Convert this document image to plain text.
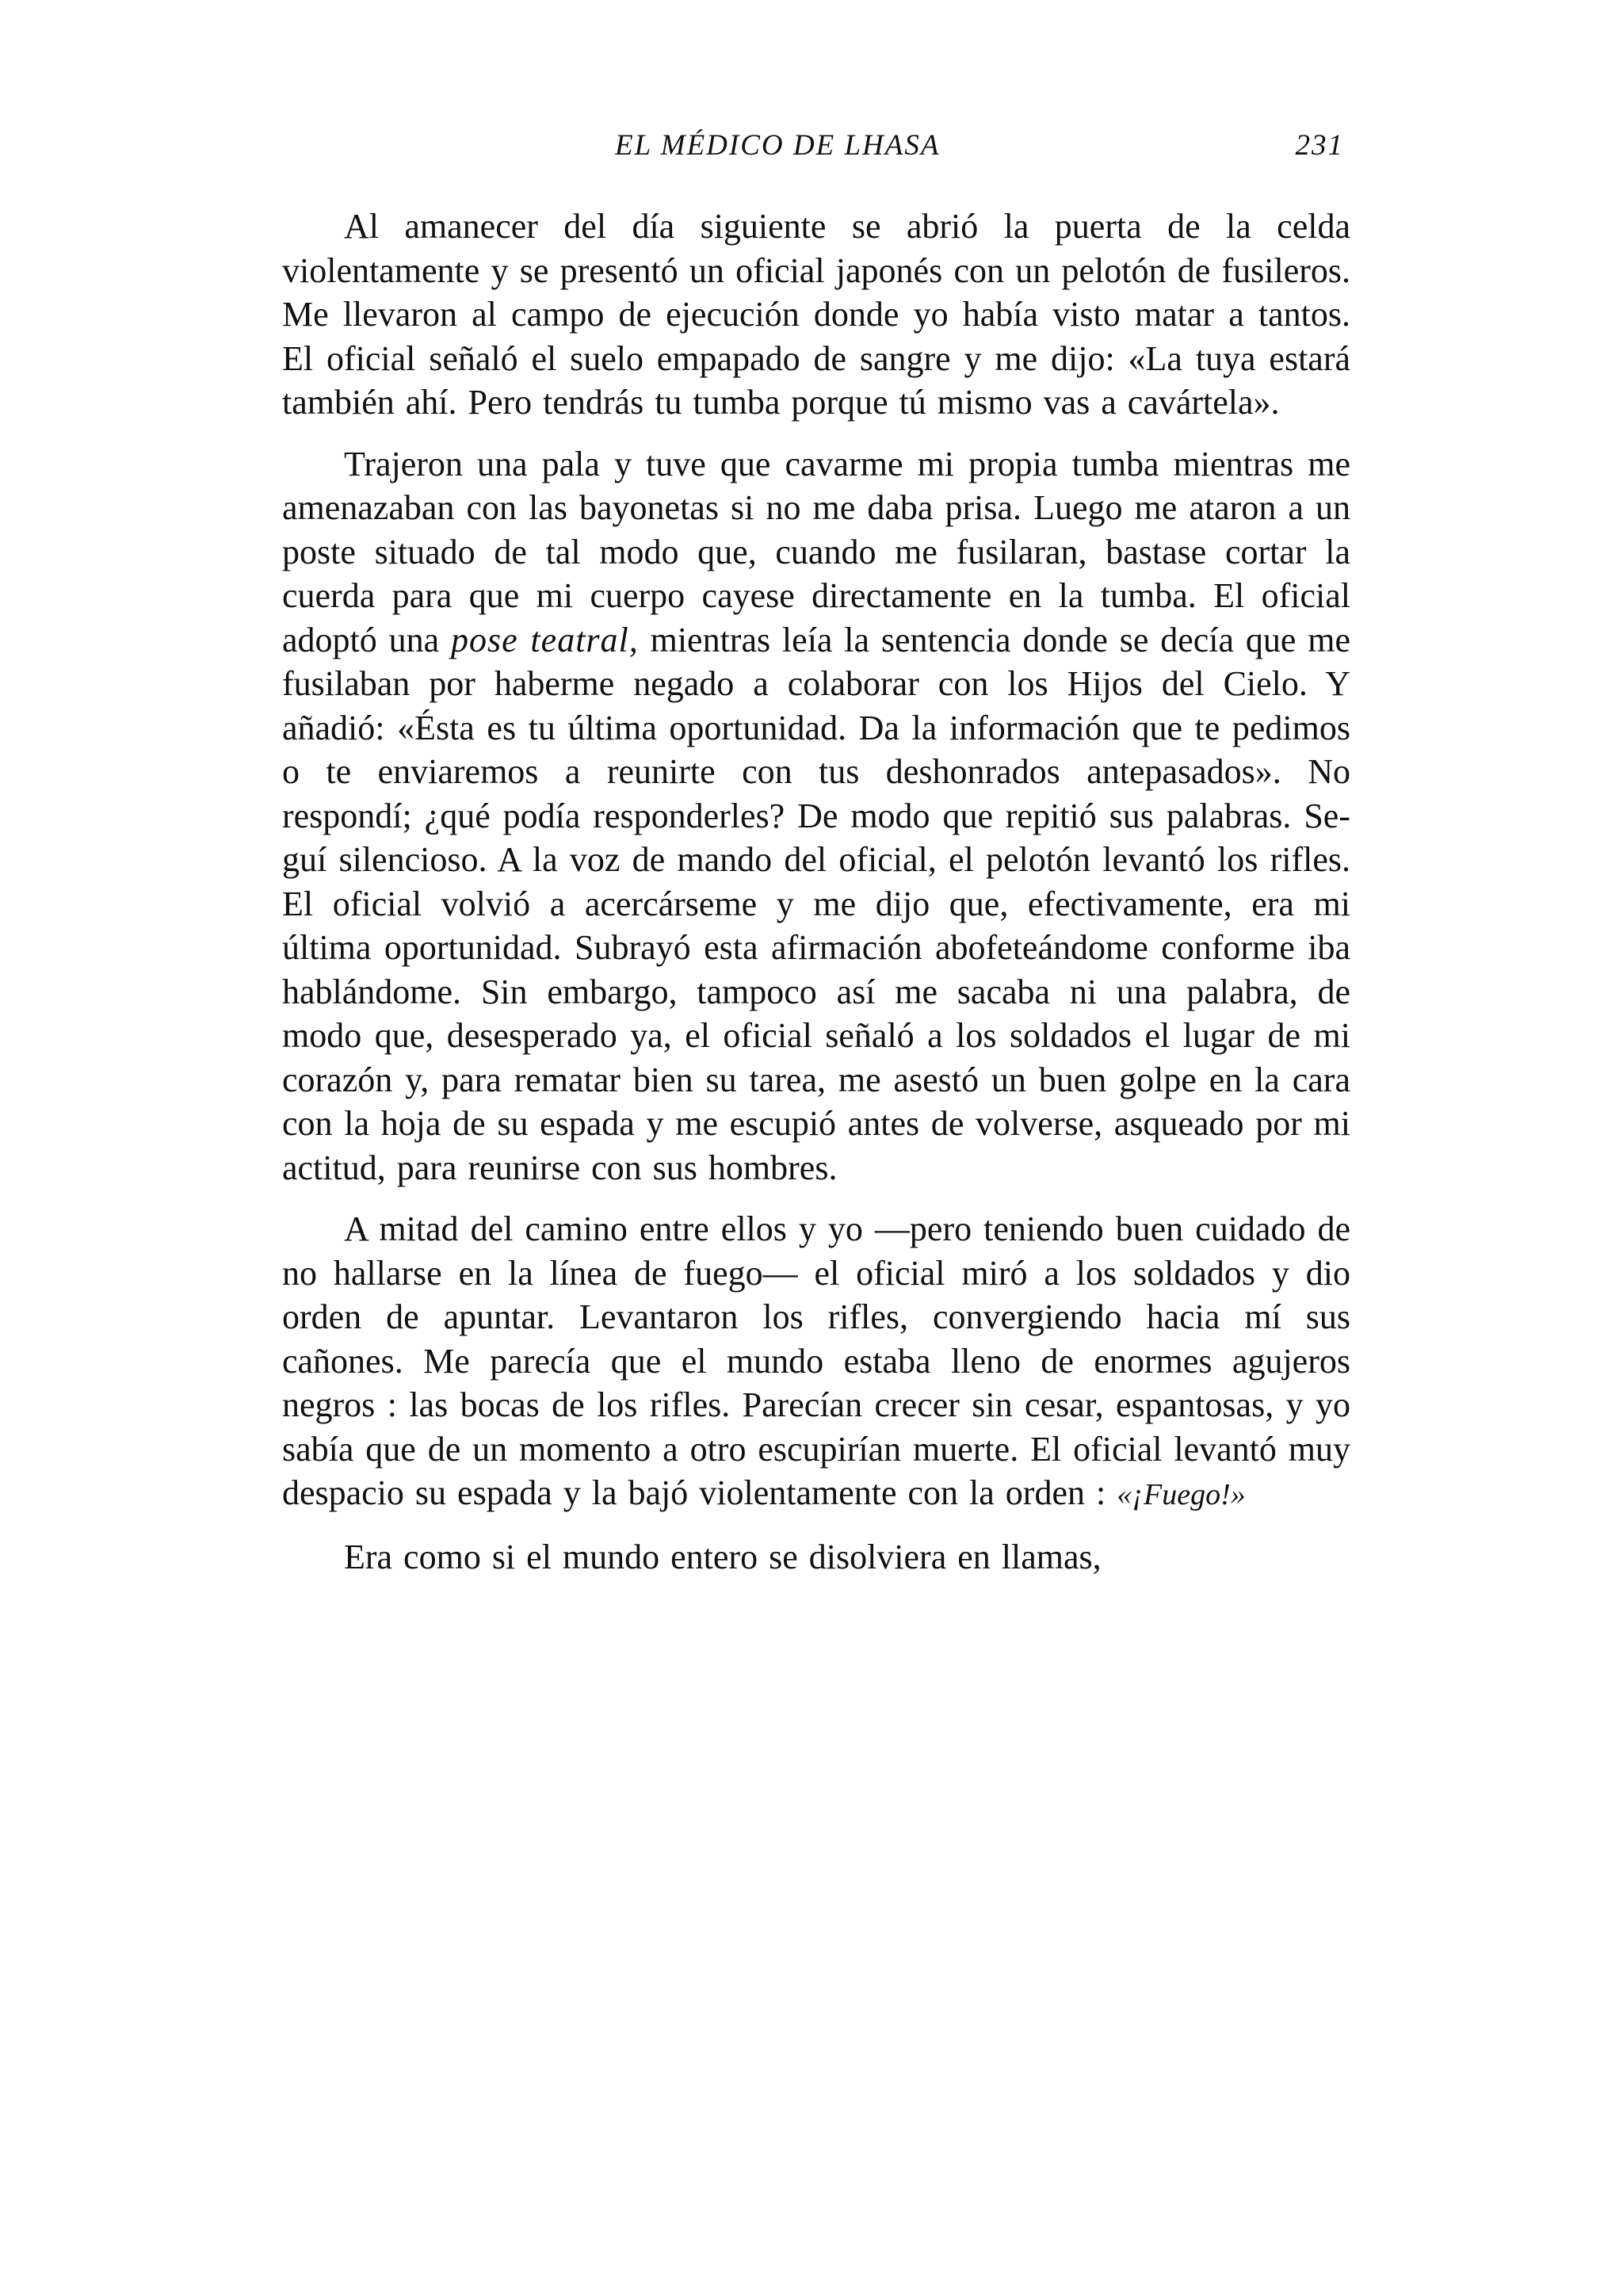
EL MÉDICO DE LHASA	231

Al amanecer del día siguiente se abrió la puerta de la celda violentamente y se presentó un oficial japonés con un pelotón de fusileros. Me llevaron al campo de ejecución donde yo había visto matar a tantos. El oficial señaló el suelo empapado de sangre y me dijo: «La tuya estará también ahí. Pero tendrás tu tumba porque tú mismo vas a cavártela».

Trajeron una pala y tuve que cavarme mi propia tumba mientras me amenazaban con las bayonetas si no me daba prisa. Luego me ataron a un poste situado de tal modo que, cuando me fusilaran, bastase cortar la cuerda para que mi cuerpo cayese directamente en la tumba. El oficial adoptó una pose teatral, mientras leía la sentencia donde se decía que me fusilaban por haberme negado a colaborar con los Hijos del Cielo. Y añadió: «Ésta es tu última oportunidad. Da la información que te pedimos o te enviaremos a reunirte con tus deshonrados antepasados». No respondí; ¿qué podía responderles? De modo que repitió sus palabras. Seguí silencioso. A la voz de mando del oficial, el pelotón levantó los rifles. El oficial volvió a acercárseme y me dijo que, efectivamente, era mi última oportunidad. Subrayó esta afirmación abofeteándome conforme iba hablándome. Sin embargo, tampoco así me sacaba ni una palabra, de modo que, desesperado ya, el oficial señaló a los soldados el lugar de mi corazón y, para rematar bien su tarea, me asestó un buen golpe en la cara con la hoja de su espada y me escupió antes de volverse, asqueado por mi actitud, para reunirse con sus hombres.

A mitad del camino entre ellos y yo —pero teniendo buen cuidado de no hallarse en la línea de fuego— el oficial miró a los soldados y dio orden de apuntar. Levantaron los rifles, convergiendo hacia mí sus cañones. Me parecía que el mundo estaba lleno de enormes agujeros negros : las bocas de los rifles. Parecían crecer sin cesar, espantosas, y yo sabía que de un momento a otro escupirían muerte. El oficial levantó muy despacio su espada y la bajó violentamente con la orden : «¡Fuego!»

Era como si el mundo entero se disolviera en llamas,
